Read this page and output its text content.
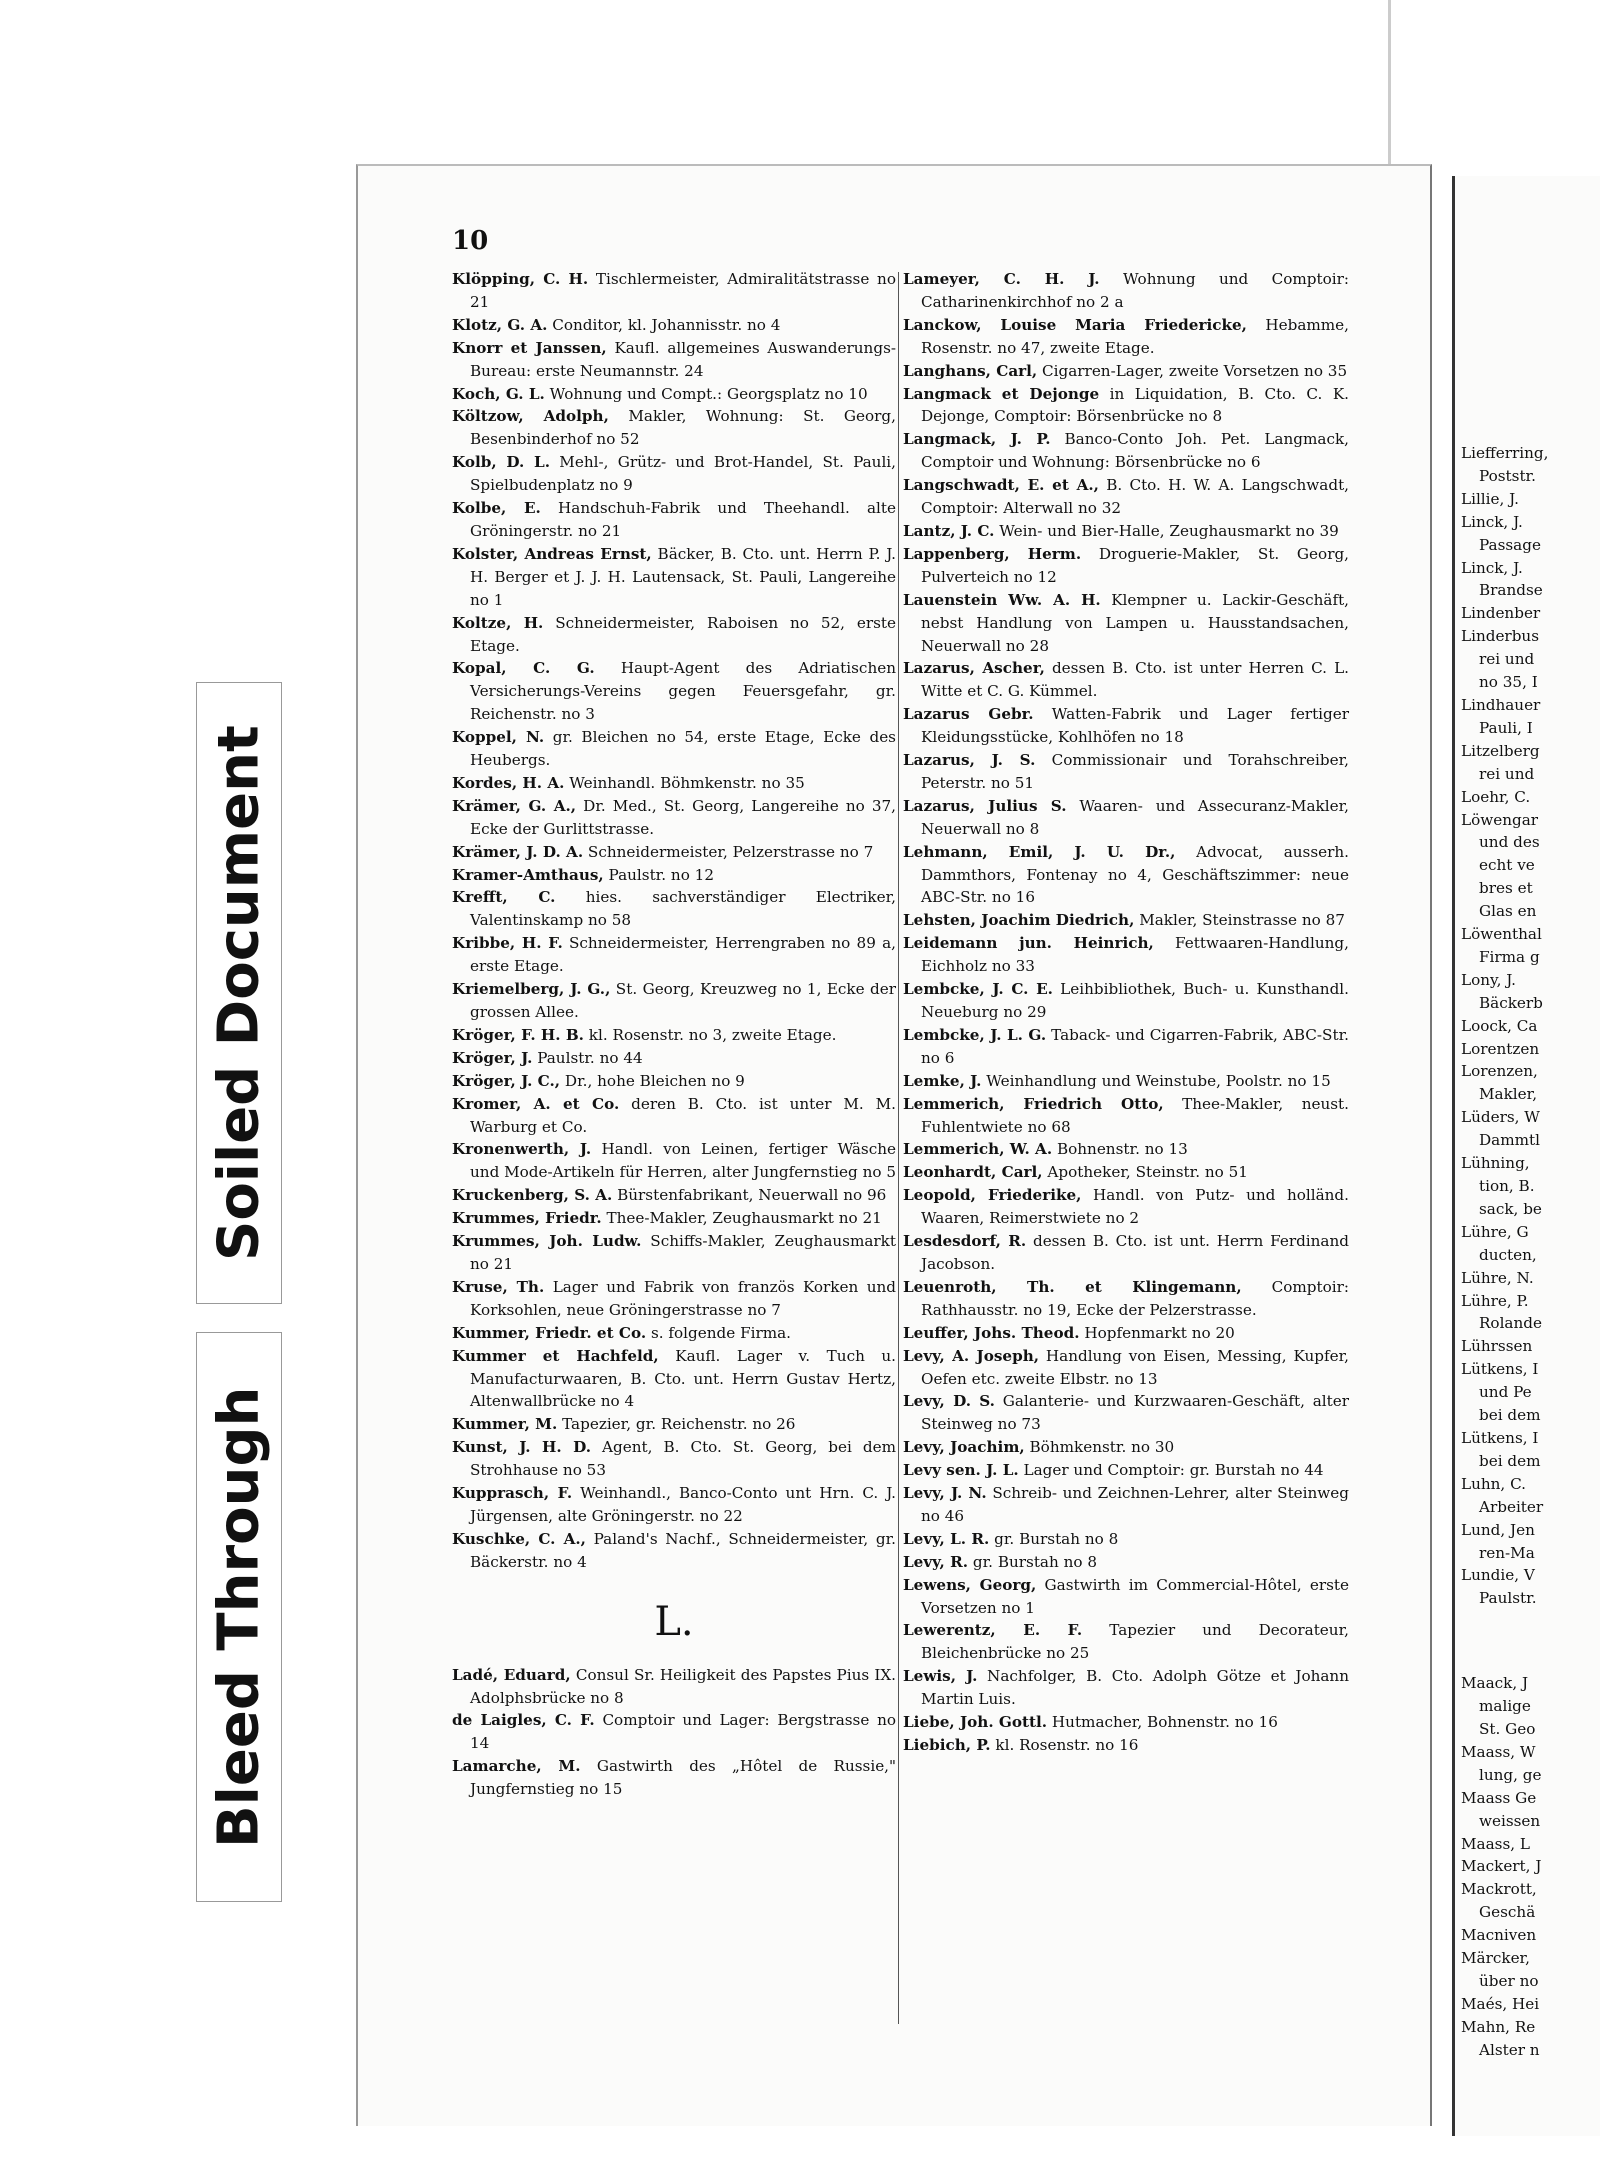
Liefferring,
Poststr.
Lillie, J.
Linck, J.
Passage
Linck, J.
Brandse
Lindenber
Linderbus
rei und
no 35, I
Lindhauer
Pauli, I
Litzelberg
rei und
Loehr, C.
Löwengar
und des
echt ve
bres et
Glas en
Löwenthal
Firma g
Lony, J.
Bäckerb
Loock, Ca
Lorentzen
Lorenzen,
Makler,
Lüders, W
Dammtl
Lühning,
tion, B.
sack, be
Lühre, G
ducten,
Lühre, N.
Lühre, P.
Rolande
Lührssen
Lütkens, I
und Pe
bei dem
Lütkens, I
bei dem
Luhn, C.
Arbeiter
Lund, Jen
ren-Ma
Lundie, V
Paulstr.
Maack, J
malige
St. Geo
Maass, W
lung, ge
Maass Ge
weissen
Maass, L
Mackert, J
Mackrott,
Geschä
Macniven
Märcker,
über no
Maés, Hei
Mahn, Re
Alster n
10
Klöpping, C. H. Tischlermeister, Admiralitätstrasse no 21
Klotz, G. A. Conditor, kl. Johannisstr. no 4
Knorr et Janssen, Kaufl. allgemeines Auswanderungs-Bureau: erste Neumannstr. 24
Koch, G. L. Wohnung und Compt.: Georgsplatz no 10
Költzow, Adolph, Makler, Wohnung: St. Georg, Besenbinderhof no 52
Kolb, D. L. Mehl-, Grütz- und Brot-Handel, St. Pauli, Spielbudenplatz no 9
Kolbe, E. Handschuh-Fabrik und Theehandl. alte Gröningerstr. no 21
Kolster, Andreas Ernst, Bäcker, B. Cto. unt. Herrn P. J. H. Berger et J. J. H. Lautensack, St. Pauli, Langereihe no 1
Koltze, H. Schneidermeister, Raboisen no 52, erste Etage.
Kopal, C. G. Haupt-Agent des Adriatischen Versicherungs-Vereins gegen Feuersgefahr, gr. Reichenstr. no 3
Koppel, N. gr. Bleichen no 54, erste Etage, Ecke des Heubergs.
Kordes, H. A. Weinhandl. Böhmkenstr. no 35
Krämer, G. A., Dr. Med., St. Georg, Langereihe no 37, Ecke der Gurlittstrasse.
Krämer, J. D. A. Schneidermeister, Pelzerstrasse no 7
Kramer-Amthaus, Paulstr. no 12
Krefft, C. hies. sachverständiger Electriker, Valentinskamp no 58
Kribbe, H. F. Schneidermeister, Herrengraben no 89 a, erste Etage.
Kriemelberg, J. G., St. Georg, Kreuzweg no 1, Ecke der grossen Allee.
Kröger, F. H. B. kl. Rosenstr. no 3, zweite Etage.
Kröger, J. Paulstr. no 44
Kröger, J. C., Dr., hohe Bleichen no 9
Kromer, A. et Co. deren B. Cto. ist unter M. M. Warburg et Co.
Kronenwerth, J. Handl. von Leinen, fertiger Wäsche und Mode-Artikeln für Herren, alter Jungfernstieg no 5
Kruckenberg, S. A. Bürstenfabrikant, Neuerwall no 96
Krummes, Friedr. Thee-Makler, Zeughausmarkt no 21
Krummes, Joh. Ludw. Schiffs-Makler, Zeughausmarkt no 21
Kruse, Th. Lager und Fabrik von französ Korken und Korksohlen, neue Gröningerstrasse no 7
Kummer, Friedr. et Co. s. folgende Firma.
Kummer et Hachfeld, Kaufl. Lager v. Tuch u. Manufacturwaaren, B. Cto. unt. Herrn Gustav Hertz, Altenwallbrücke no 4
Kummer, M. Tapezier, gr. Reichenstr. no 26
Kunst, J. H. D. Agent, B. Cto. St. Georg, bei dem Strohhause no 53
Kupprasch, F. Weinhandl., Banco-Conto unt Hrn. C. J. Jürgensen, alte Gröningerstr. no 22
Kuschke, C. A., Paland's Nachf., Schneidermeister, gr. Bäckerstr. no 4
L.
Ladé, Eduard, Consul Sr. Heiligkeit des Papstes Pius IX. Adolphsbrücke no 8
de Laigles, C. F. Comptoir und Lager: Bergstrasse no 14
Lamarche, M. Gastwirth des „Hôtel de Russie," Jungfernstieg no 15
Lameyer, C. H. J. Wohnung und Comptoir: Catharinenkirchhof no 2 a
Lanckow, Louise Maria Friedericke, Hebamme, Rosenstr. no 47, zweite Etage.
Langhans, Carl, Cigarren-Lager, zweite Vorsetzen no 35
Langmack et Dejonge in Liquidation, B. Cto. C. K. Dejonge, Comptoir: Börsenbrücke no 8
Langmack, J. P. Banco-Conto Joh. Pet. Langmack, Comptoir und Wohnung: Börsenbrücke no 6
Langschwadt, E. et A., B. Cto. H. W. A. Langschwadt, Comptoir: Alterwall no 32
Lantz, J. C. Wein- und Bier-Halle, Zeughausmarkt no 39
Lappenberg, Herm. Droguerie-Makler, St. Georg, Pulverteich no 12
Lauenstein Ww. A. H. Klempner u. Lackir-Geschäft, nebst Handlung von Lampen u. Hausstandsachen, Neuerwall no 28
Lazarus, Ascher, dessen B. Cto. ist unter Herren C. L. Witte et C. G. Kümmel.
Lazarus Gebr. Watten-Fabrik und Lager fertiger Kleidungsstücke, Kohlhöfen no 18
Lazarus, J. S. Commissionair und Torahschreiber, Peterstr. no 51
Lazarus, Julius S. Waaren- und Assecuranz-Makler, Neuerwall no 8
Lehmann, Emil, J. U. Dr., Advocat, ausserh. Dammthors, Fontenay no 4, Geschäftszimmer: neue ABC-Str. no 16
Lehsten, Joachim Diedrich, Makler, Steinstrasse no 87
Leidemann jun. Heinrich, Fettwaaren-Handlung, Eichholz no 33
Lembcke, J. C. E. Leihbibliothek, Buch- u. Kunsthandl. Neueburg no 29
Lembcke, J. L. G. Taback- und Cigarren-Fabrik, ABC-Str. no 6
Lemke, J. Weinhandlung und Weinstube, Poolstr. no 15
Lemmerich, Friedrich Otto, Thee-Makler, neust. Fuhlentwiete no 68
Lemmerich, W. A. Bohnenstr. no 13
Leonhardt, Carl, Apotheker, Steinstr. no 51
Leopold, Friederike, Handl. von Putz- und holländ. Waaren, Reimerstwiete no 2
Lesdesdorf, R. dessen B. Cto. ist unt. Herrn Ferdinand Jacobson.
Leuenroth, Th. et Klingemann, Comptoir: Rathhausstr. no 19, Ecke der Pelzerstrasse.
Leuffer, Johs. Theod. Hopfenmarkt no 20
Levy, A. Joseph, Handlung von Eisen, Messing, Kupfer, Oefen etc. zweite Elbstr. no 13
Levy, D. S. Galanterie- und Kurzwaaren-Geschäft, alter Steinweg no 73
Levy, Joachim, Böhmkenstr. no 30
Levy sen. J. L. Lager und Comptoir: gr. Burstah no 44
Levy, J. N. Schreib- und Zeichnen-Lehrer, alter Steinweg no 46
Levy, L. R. gr. Burstah no 8
Levy, R. gr. Burstah no 8
Lewens, Georg, Gastwirth im Commercial-Hôtel, erste Vorsetzen no 1
Lewerentz, E. F. Tapezier und Decorateur, Bleichenbrücke no 25
Lewis, J. Nachfolger, B. Cto. Adolph Götze et Johann Martin Luis.
Liebe, Joh. Gottl. Hutmacher, Bohnenstr. no 16
Liebich, P. kl. Rosenstr. no 16
Bleed Through
Soiled Document
